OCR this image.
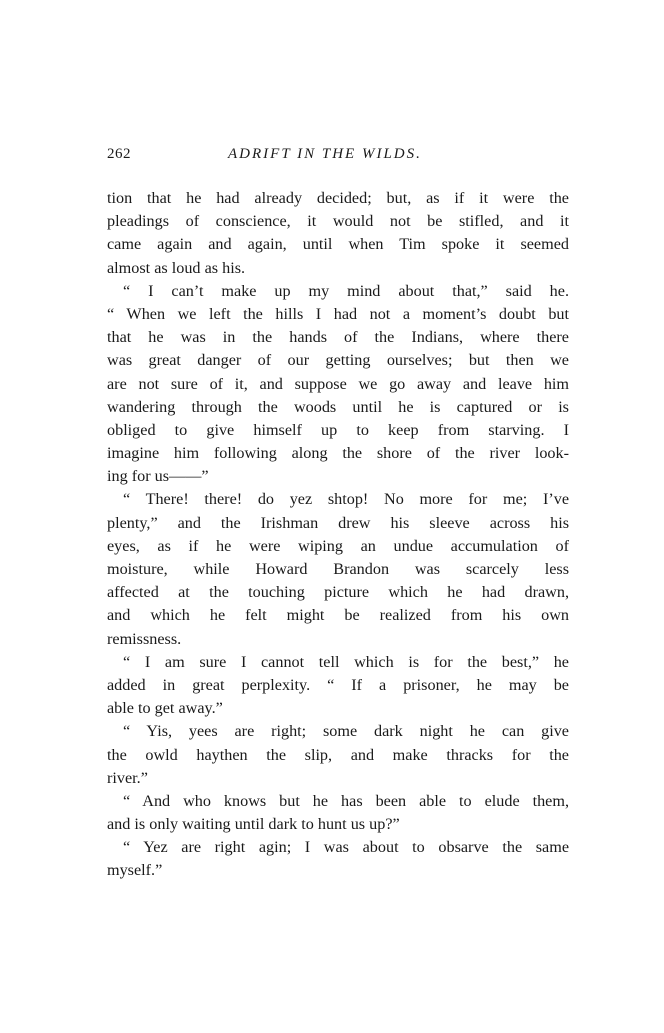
262	ADRIFT IN THE WILDS.
tion that he had already decided; but, as if it were the
pleadings of conscience, it would not be stifled, and it
came again and again, until when Tim spoke it seemed
almost as loud as his.
“ I can’t make up my mind about that,” said he.
“ When we left the hills I had not a moment’s doubt but
that he was in the hands of the Indians, where there
was great danger of our getting ourselves; but then we
are not sure of it, and suppose we go away and leave him
wandering through the woods until he is captured or is
obliged to give himself up to keep from starving. I
imagine him following along the shore of the river look-
ing for us——”
“ There! there! do yez shtop! No more for me; I’ve
plenty,” and the Irishman drew his sleeve across his
eyes, as if he were wiping an undue accumulation of
moisture, while Howard Brandon was scarcely less
affected at the touching picture which he had drawn,
and which he felt might be realized from his own
remissness.
“ I am sure I cannot tell which is for the best,” he
added in great perplexity. “ If a prisoner, he may be
able to get away.”
“ Yis, yees are right; some dark night he can give
the owld haythen the slip, and make thracks for the
river.”
“ And who knows but he has been able to elude them,
and is only waiting until dark to hunt us up?”
“ Yez are right agin; I was about to obsarve the same
myself.”
